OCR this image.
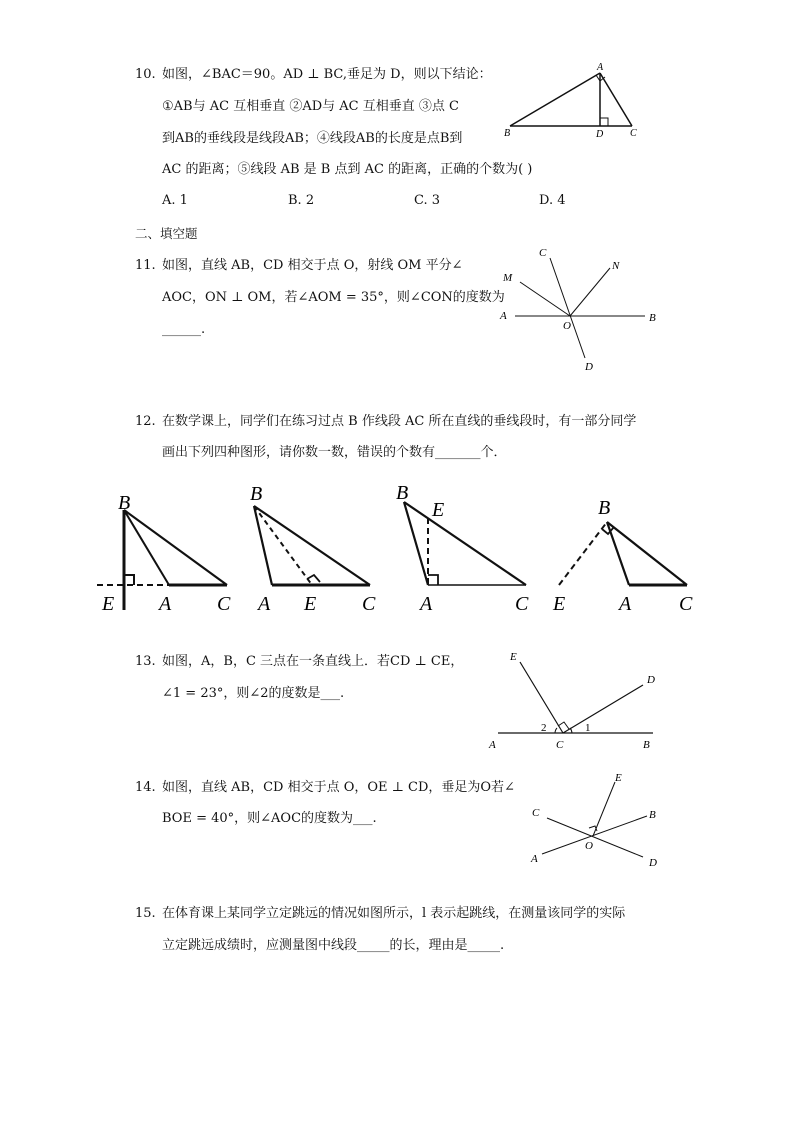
10. 如图，∠BAC＝90。AD ⊥ BC,垂足为 D，则以下结论：
①AB与 AC 互相垂直 ②AD与 AC 互相垂直 ③点 C
到AB的垂线段是线段AB；④线段AB的长度是点B到
AC 的距离；⑤线段 AB 是 B 点到 AC 的距离，正确的个数为( )
A. 1	B. 2	C. 3	D. 4
A
B	D	C
二、填空题
11. 如图，直线 AB，CD 相交于点 O，射线 OM 平分∠
AOC，ON ⊥ OM，若∠AOM = 35°，则∠CON的度数为
______.
C
N
M
A
O
B
D
12. 在数学课上，同学们在练习过点 B 作线段 AC 所在直线的垂线段时，有一部分同学
画出下列四种图形，请你数一数，错误的个数有_______个．
B
E A C
B
A E C
B
E
A	C
B
E	A C
13. 如图，A，B，C 三点在一条直线上．若CD ⊥ CE，
∠1 = 23°，则∠2的度数是___.
E
D
2	1
A	C	B
14. 如图，直线 AB，CD 相交于点 O，OE ⊥ CD，垂足为O若∠
BOE = 40°，则∠AOC的度数为___.
E
C	B
O
A	D
15. 在体育课上某同学立定跳远的情况如图所示，l 表示起跳线，在测量该同学的实际
立定跳远成绩时，应测量图中线段_____的长，理由是_____.
